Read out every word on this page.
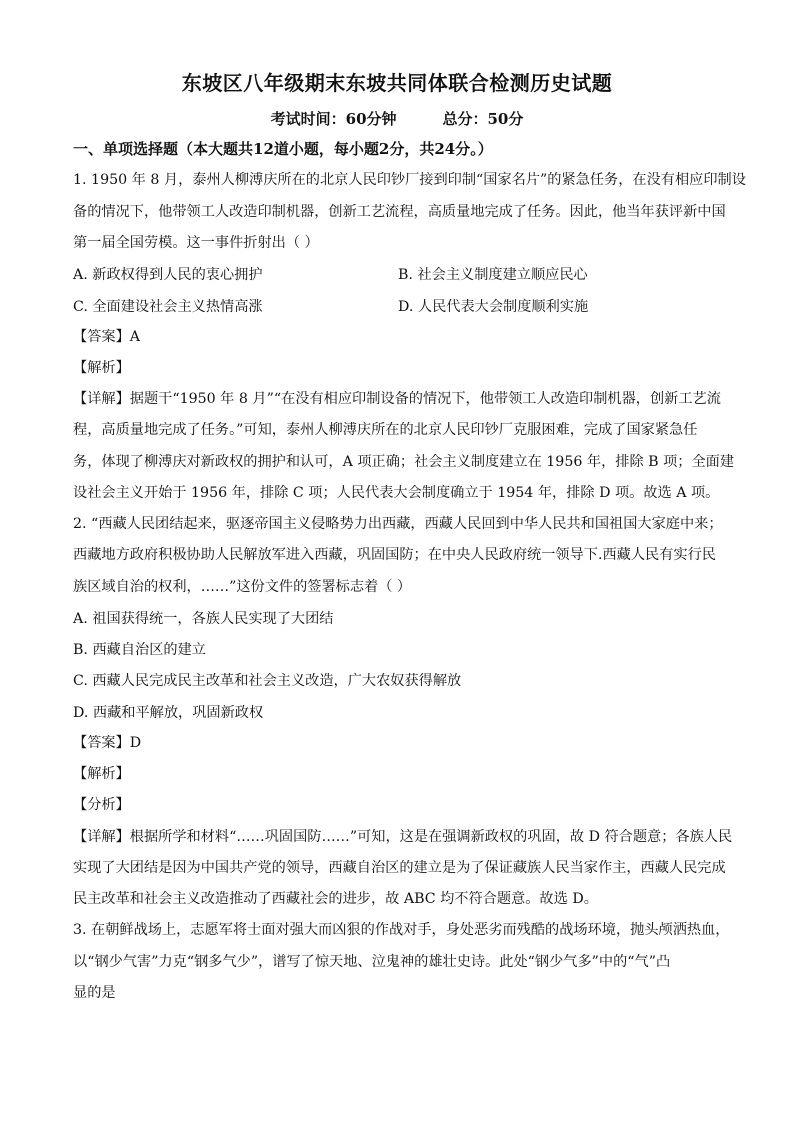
东坡区八年级期末东坡共同体联合检测历史试题
考试时间：60分钟	总分：50分
一、单项选择题（本大题共12道小题，每小题2分，共24分。）
1. 1950 年 8 月，泰州人柳溥庆所在的北京人民印钞厂接到印制“国家名片”的紧急任务，在没有相应印制设
备的情况下，他带领工人改造印制机器，创新工艺流程，高质量地完成了任务。因此，他当年获评新中国
第一届全国劳模。这一事件折射出（ ）
A. 新政权得到人民的衷心拥护	B. 社会主义制度建立顺应民心
C. 全面建设社会主义热情高涨	D. 人民代表大会制度顺利实施
【答案】A
【解析】
【详解】据题干“1950 年 8 月”“在没有相应印制设备的情况下，他带领工人改造印制机器，创新工艺流
程，高质量地完成了任务。”可知，泰州人柳溥庆所在的北京人民印钞厂克服困难，完成了国家紧急任
务，体现了柳溥庆对新政权的拥护和认可，A 项正确；社会主义制度建立在 1956 年，排除 B 项；全面建
设社会主义开始于 1956 年，排除 C 项；人民代表大会制度确立于 1954 年，排除 D 项。故选 A 项。
2. “西藏人民团结起来，驱逐帝国主义侵略势力出西藏，西藏人民回到中华人民共和国祖国大家庭中来；
西藏地方政府积极协助人民解放军进入西藏，巩固国防；在中央人民政府统一领导下.西藏人民有实行民
族区域自治的权利，……”这份文件的签署标志着（ ）
A. 祖国获得统一，各族人民实现了大团结
B. 西藏自治区的建立
C. 西藏人民完成民主改革和社会主义改造，广大农奴获得解放
D. 西藏和平解放，巩固新政权
【答案】D
【解析】
【分析】
【详解】根据所学和材料“……巩固国防……”可知，这是在强调新政权的巩固，故 D 符合题意；各族人民
实现了大团结是因为中国共产党的领导，西藏自治区的建立是为了保证藏族人民当家作主，西藏人民完成
民主改革和社会主义改造推动了西藏社会的进步，故 ABC 均不符合题意。故选 D。
3. 在朝鲜战场上，志愿军将士面对强大而凶狠的作战对手，身处恶劣而残酷的战场环境，抛头颅洒热血，
以“钢少气害”力克“钢多气少”，谱写了惊天地、泣鬼神的雄壮史诗。此处“钢少气多”中的“气”凸
显的是
